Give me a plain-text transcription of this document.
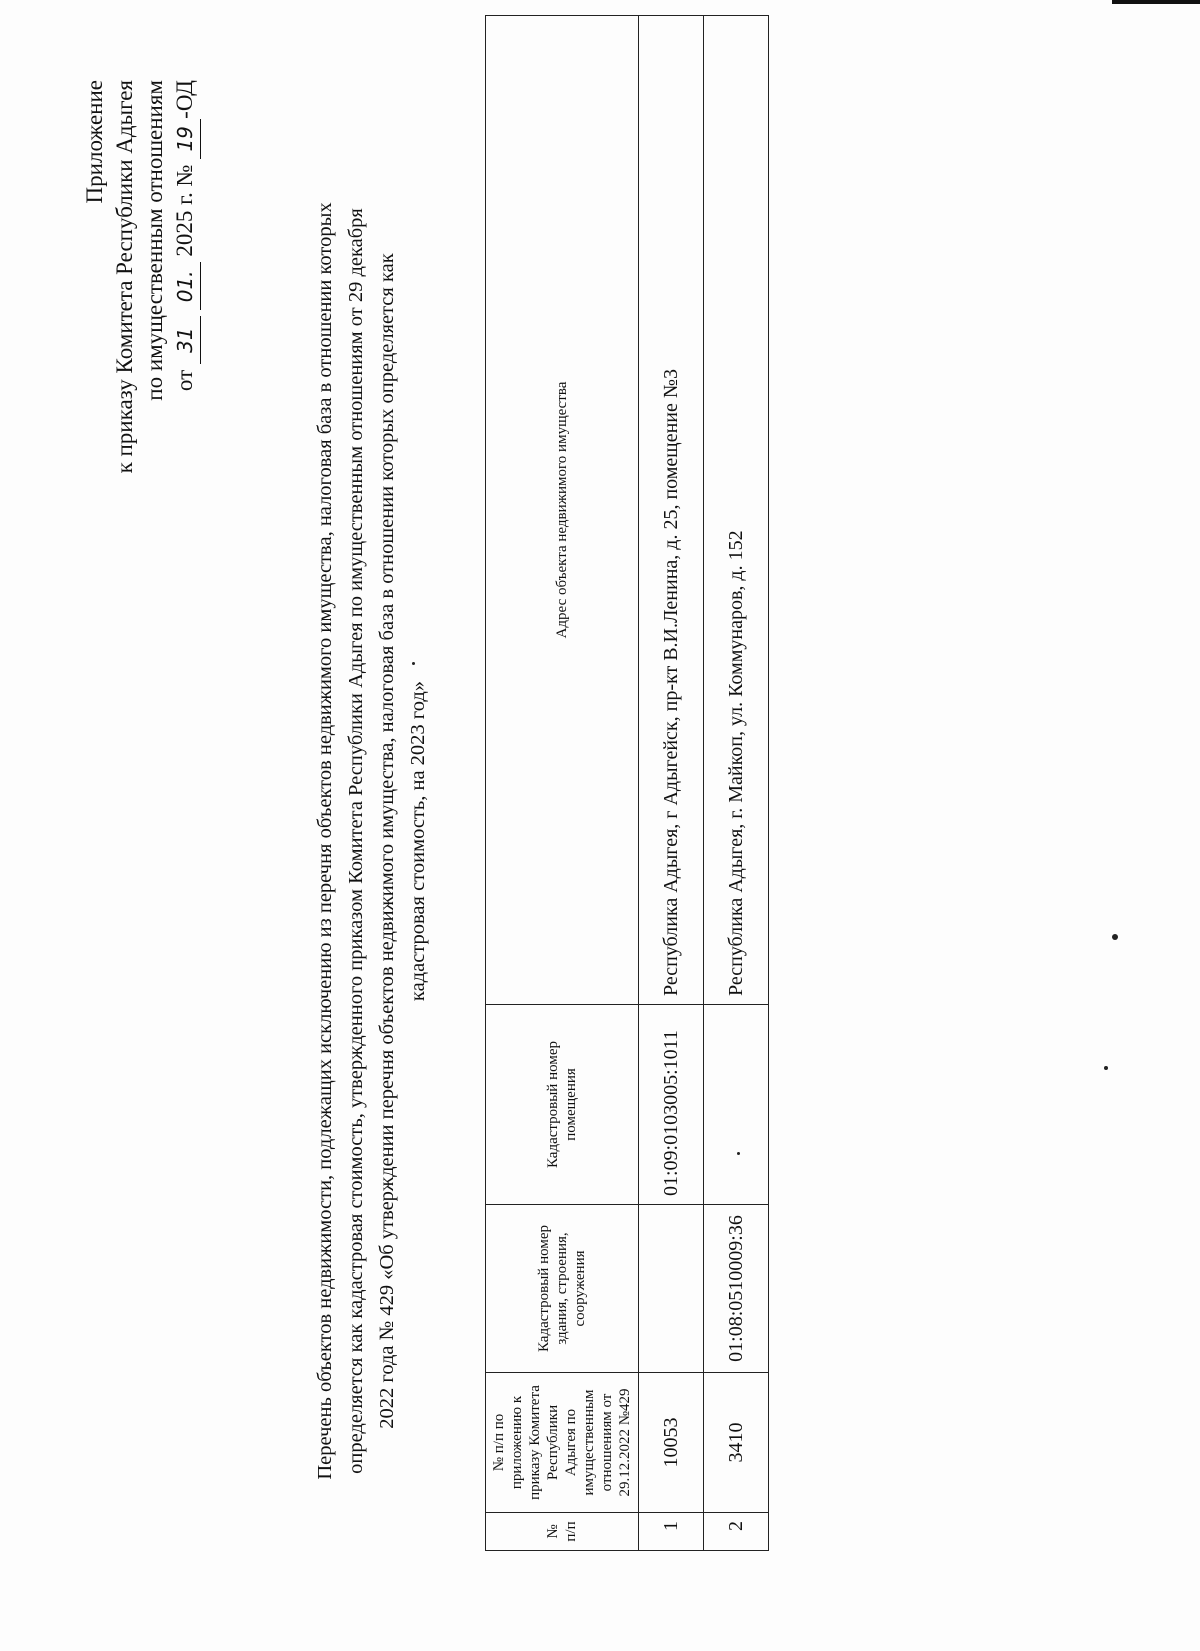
Приложение к приказу Комитета Республики Адыгея по имущественным отношениям от 31 01. 2025 г. № 19-ОД
Перечень объектов недвижимости, подлежащих исключению из перечня объектов недвижимого имущества, налоговая база в отношении которых определяется как кадастровая стоимость, утвержденного приказом Комитета Республики Адыгея по имущественным отношениям от 29 декабря 2022 года № 429 «Об утверждении перечня объектов недвижимого имущества, налоговая база в отношении которых определяется как кадастровая стоимость, на 2023 год»
№ п/п	№ п/п по приложению к приказу Комитета Республики Адыгея по имущественным отношениям от 29.12.2022 №429	Кадастровый номер здания, строения, сооружения	Кадастровый номер помещения	Адрес объекта недвижимого имущества
1	10053		01:09:0103005:1011	Республика Адыгея, г Адыгейск, пр-кт В.И.Ленина, д. 25, помещение №3
2	3410	01:08:0510009:36		Республика Адыгея, г. Майкоп, ул. Коммунаров, д. 152
